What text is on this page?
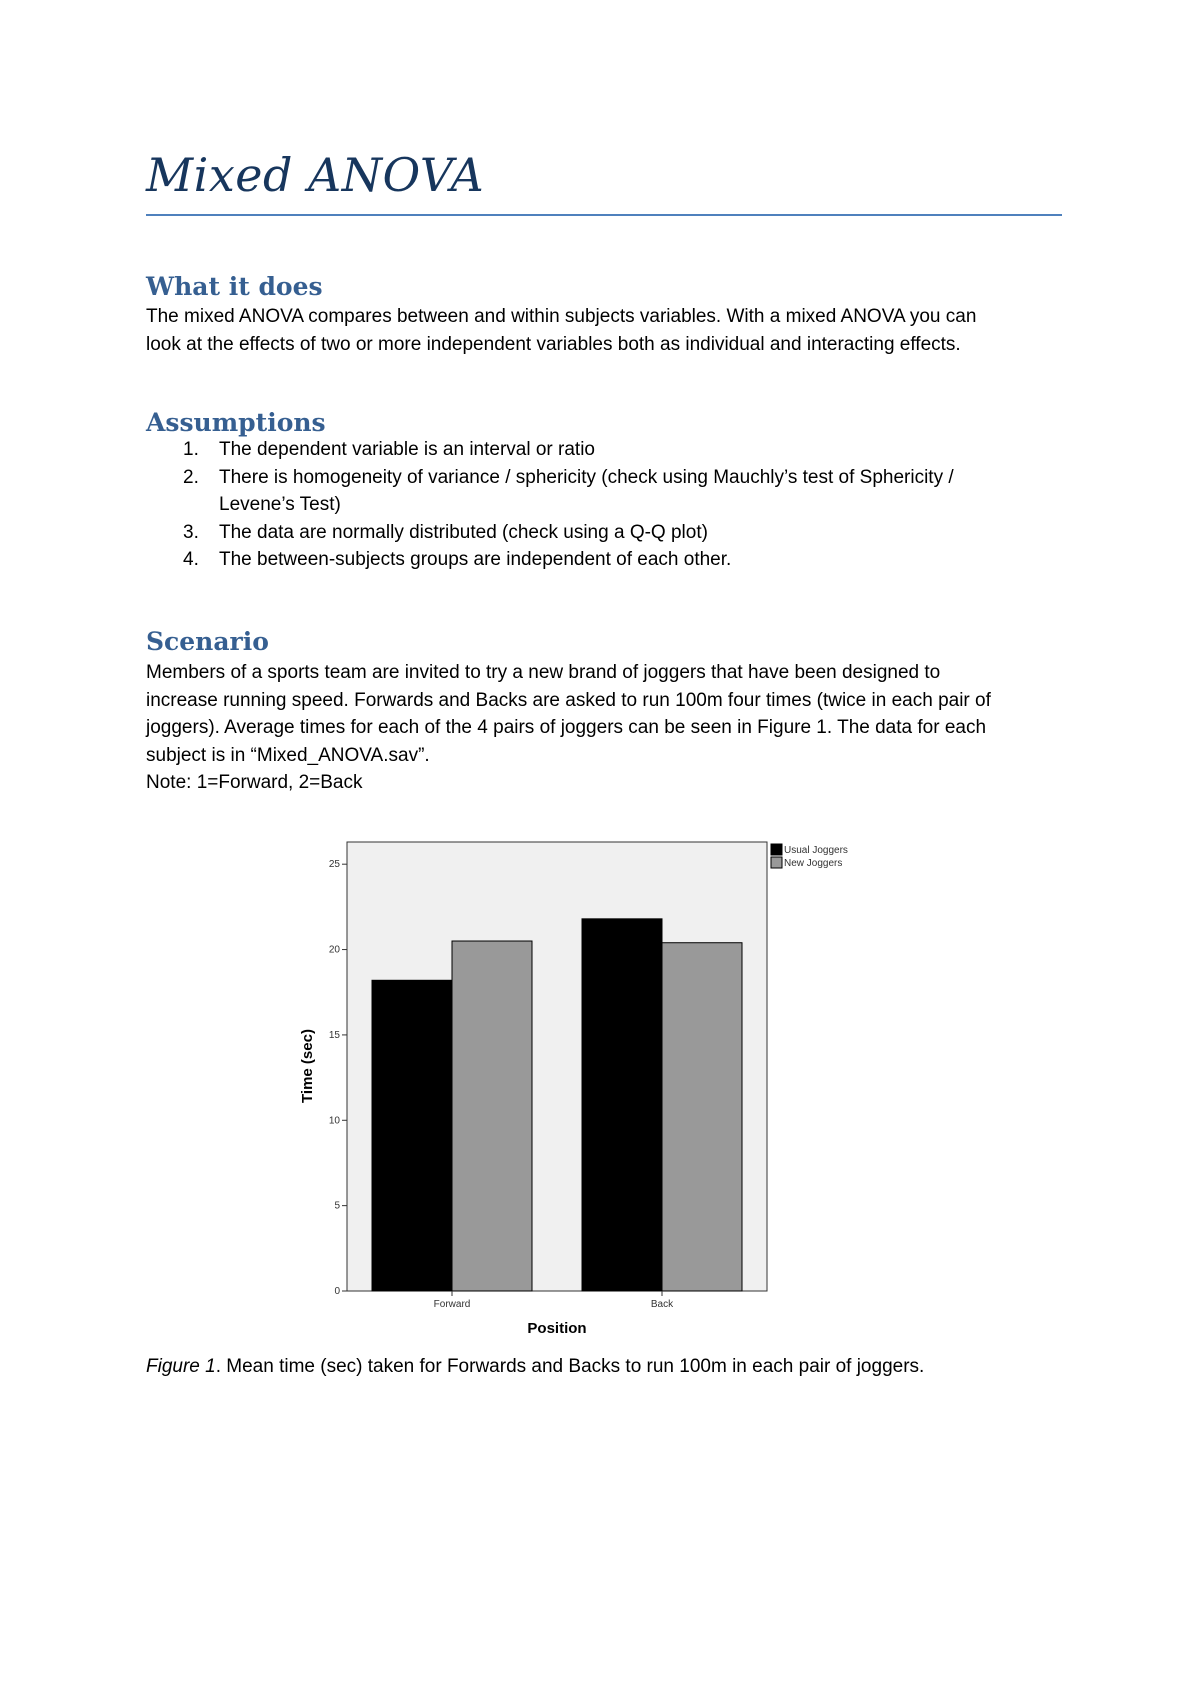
Mixed ANOVA
What it does
The mixed ANOVA compares between and within subjects variables. With a mixed ANOVA you can
look at the effects of two or more independent variables both as individual and interacting effects.
Assumptions
1. The dependent variable is an interval or ratio
2. There is homogeneity of variance / sphericity (check using Mauchly’s test of Sphericity /
Levene’s Test)
3. The data are normally distributed (check using a Q-Q plot)
4. The between-subjects groups are independent of each other.
Scenario
Members of a sports team are invited to try a new brand of joggers that have been designed to
increase running speed. Forwards and Backs are asked to run 100m four times (twice in each pair of
joggers). Average times for each of the 4 pairs of joggers can be seen in Figure 1. The data for each
subject is in “Mixed_ANOVA.sav”.
Note: 1=Forward, 2=Back
0
5
10
15
20
25
Forward	Back
Time (sec)
Position
Usual Joggers
New Joggers
Figure 1. Mean time (sec) taken for Forwards and Backs to run 100m in each pair of joggers.
